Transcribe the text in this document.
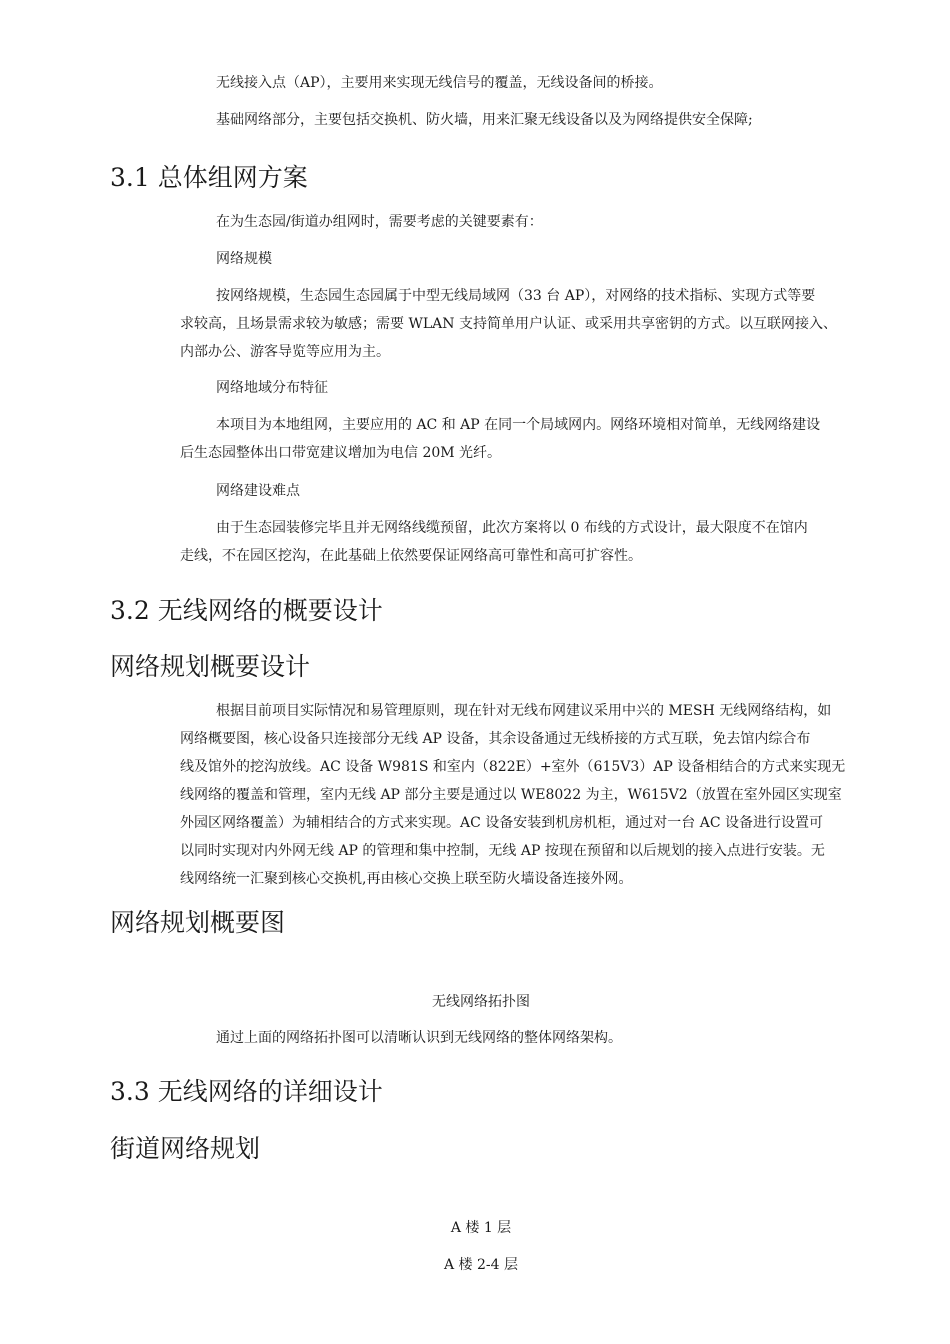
无线接入点（AP），主要用来实现无线信号的覆盖，无线设备间的桥接。

基础网络部分，主要包括交换机、防火墙，用来汇聚无线设备以及为网络提供安全保障;

3.1 总体组网方案

在为生态园/街道办组网时，需要考虑的关键要素有：

网络规模

按网络规模，生态园生态园属于中型无线局域网（33 台 AP），对网络的技术指标、实现方式等要
求较高，且场景需求较为敏感；需要 WLAN 支持简单用户认证、或采用共享密钥的方式。以互联网接入、
内部办公、游客导览等应用为主。

网络地域分布特征

本项目为本地组网，主要应用的 AC 和 AP 在同一个局域网内。网络环境相对简单，无线网络建设
后生态园整体出口带宽建议增加为电信 20M 光纤。

网络建设难点

由于生态园装修完毕且并无网络线缆预留，此次方案将以 0 布线的方式设计，最大限度不在馆内
走线，不在园区挖沟，在此基础上依然要保证网络高可靠性和高可扩容性。
3.2 无线网络的概要设计
网络规划概要设计
根据目前项目实际情况和易管理原则，现在针对无线布网建议采用中兴的 MESH 无线网络结构，如
网络概要图，核心设备只连接部分无线 AP 设备，其余设备通过无线桥接的方式互联，免去馆内综合布
线及馆外的挖沟放线。AC 设备 W981S 和室内（822E）+室外（615V3）AP 设备相结合的方式来实现无
线网络的覆盖和管理，室内无线 AP 部分主要是通过以 WE8022 为主，W615V2（放置在室外园区实现室
外园区网络覆盖）为辅相结合的方式来实现。AC 设备安装到机房机柜，通过对一台 AC 设备进行设置可
以同时实现对内外网无线 AP 的管理和集中控制，无线 AP 按现在预留和以后规划的接入点进行安装。无
线网络统一汇聚到核心交换机,再由核心交换上联至防火墙设备连接外网。
网络规划概要图

无线网络拓扑图

通过上面的网络拓扑图可以清晰认识到无线网络的整体网络架构。

3.3 无线网络的详细设计
街道网络规划

A 楼 1 层

A 楼 2-4 层
